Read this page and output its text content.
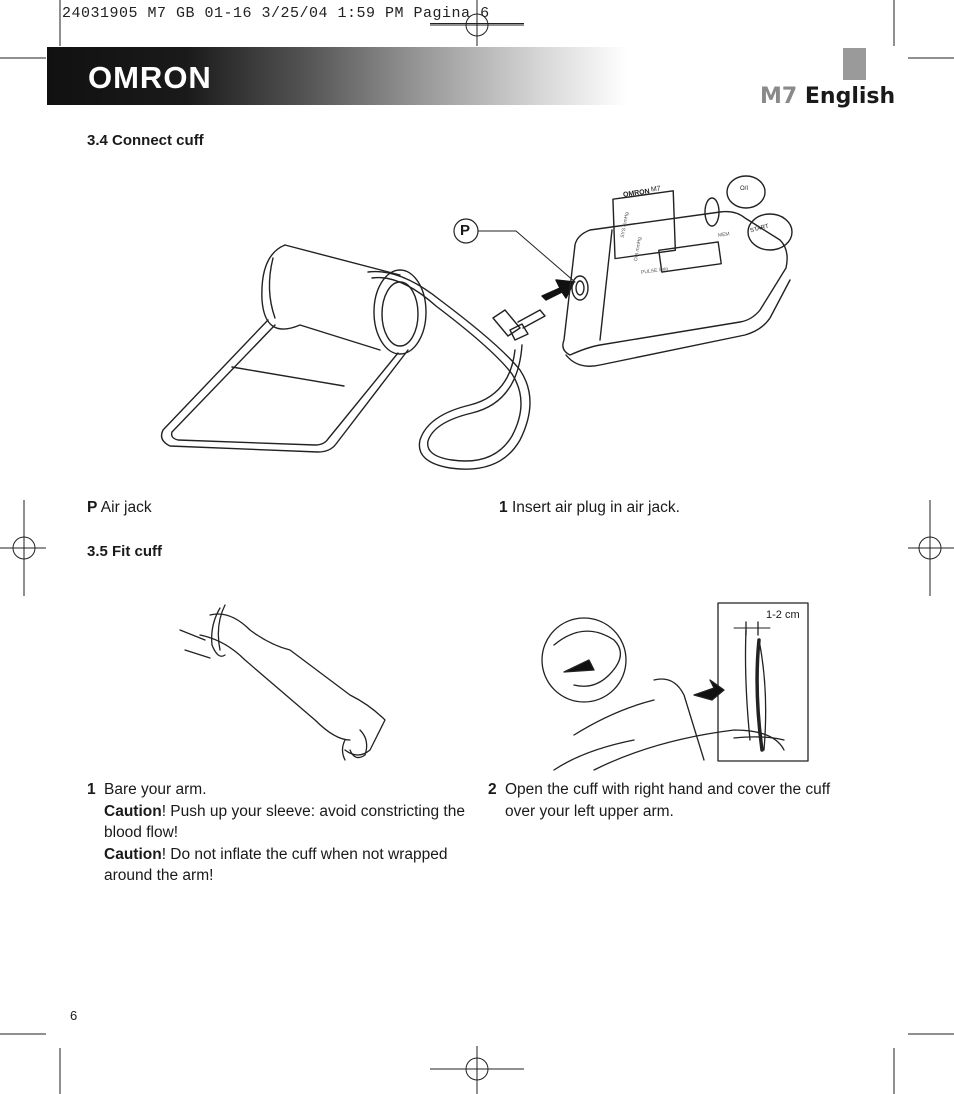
24031905 M7 GB 01-16 3/25/04 1:59 PM Pagina 6
OMRON
M7 English
3.4 Connect cuff
OMRON M7
SYS mmHg
DIA mmHg
PULSE /min
MEM
O/I
START
P
P Air jack	1 Insert air plug in air jack.
3.5 Fit cuff
1-2 cm
1 Bare your arm.

Caution! Push up your sleeve: avoid constricting the blood flow!

Caution! Do not inflate the cuff when not wrapped around the arm!

2 Open the cuff with right hand and cover the cuff over your left upper arm.

6
